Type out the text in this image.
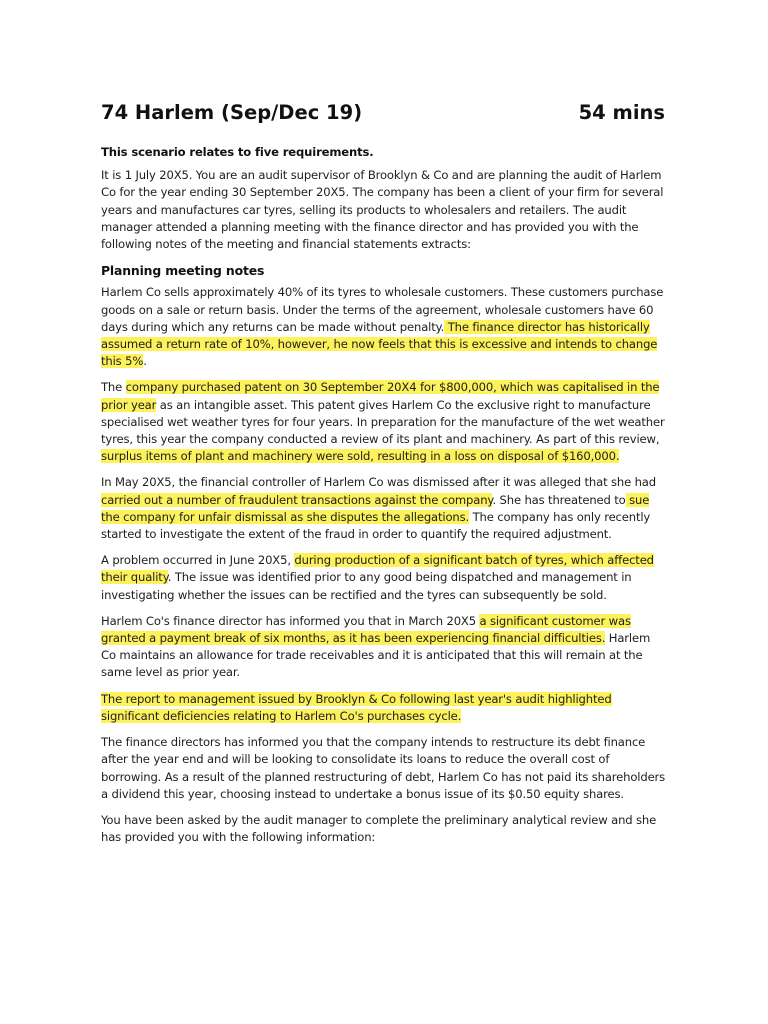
74 Harlem (Sep/Dec 19)	54 mins
This scenario relates to five requirements.

It is 1 July 20X5. You are an audit supervisor of Brooklyn & Co and are planning the audit of Harlem Co for the year ending 30 September 20X5. The company has been a client of your firm for several years and manufactures car tyres, selling its products to wholesalers and retailers. The audit manager attended a planning meeting with the finance director and has provided you with the following notes of the meeting and financial statements extracts:

Planning meeting notes

Harlem Co sells approximately 40% of its tyres to wholesale customers. These customers purchase goods on a sale or return basis. Under the terms of the agreement, wholesale customers have 60 days during which any returns can be made without penalty. The finance director has historically assumed a return rate of 10%, however, he now feels that this is excessive and intends to change this 5%.

The company purchased patent on 30 September 20X4 for $800,000, which was capitalised in the prior year as an intangible asset. This patent gives Harlem Co the exclusive right to manufacture specialised wet weather tyres for four years. In preparation for the manufacture of the wet weather tyres, this year the company conducted a review of its plant and machinery. As part of this review, surplus items of plant and machinery were sold, resulting in a loss on disposal of $160,000.

In May 20X5, the financial controller of Harlem Co was dismissed after it was alleged that she had carried out a number of fraudulent transactions against the company. She has threatened to sue the company for unfair dismissal as she disputes the allegations. The company has only recently started to investigate the extent of the fraud in order to quantify the required adjustment.

A problem occurred in June 20X5, during production of a significant batch of tyres, which affected their quality. The issue was identified prior to any good being dispatched and management in investigating whether the issues can be rectified and the tyres can subsequently be sold.

Harlem Co's finance director has informed you that in March 20X5 a significant customer was granted a payment break of six months, as it has been experiencing financial difficulties. Harlem Co maintains an allowance for trade receivables and it is anticipated that this will remain at the same level as prior year.

The report to management issued by Brooklyn & Co following last year's audit highlighted significant deficiencies relating to Harlem Co's purchases cycle.

The finance directors has informed you that the company intends to restructure its debt finance after the year end and will be looking to consolidate its loans to reduce the overall cost of borrowing. As a result of the planned restructuring of debt, Harlem Co has not paid its shareholders a dividend this year, choosing instead to undertake a bonus issue of its $0.50 equity shares.

You have been asked by the audit manager to complete the preliminary analytical review and she has provided you with the following information:
